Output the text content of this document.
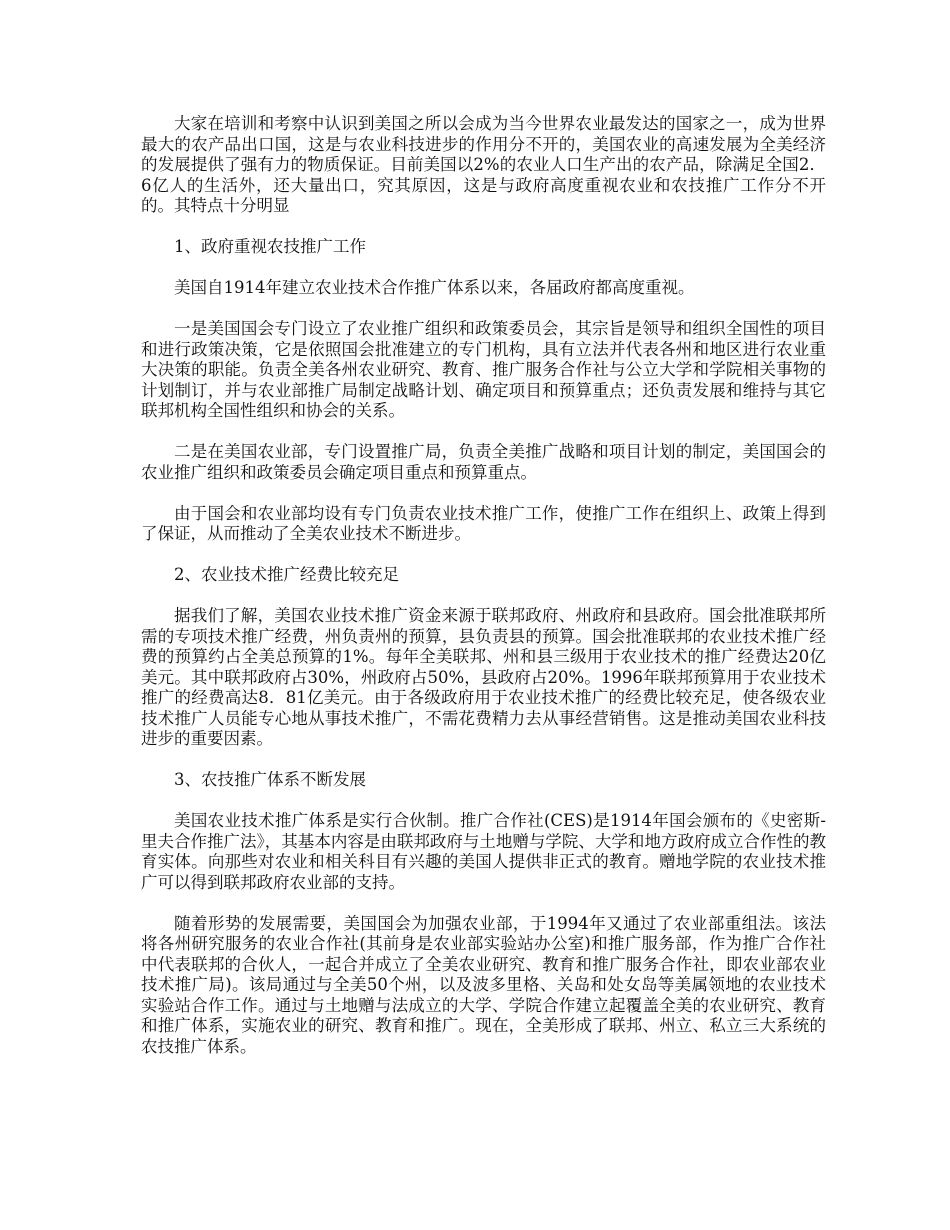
大家在培训和考察中认识到美国之所以会成为当今世界农业最发达的国家之一，成为世界最大的农产品出口国，这是与农业科技进步的作用分不开的，美国农业的高速发展为全美经济的发展提供了强有力的物质保证。目前美国以2%的农业人口生产出的农产品，除满足全国2．6亿人的生活外，还大量出口，究其原因，这是与政府高度重视农业和农技推广工作分不开的。其特点十分明显

1、政府重视农技推广工作

美国自1914年建立农业技术合作推广体系以来，各届政府都高度重视。

一是美国国会专门设立了农业推广组织和政策委员会，其宗旨是领导和组织全国性的项目和进行政策决策，它是依照国会批准建立的专门机构，具有立法并代表各州和地区进行农业重大决策的职能。负责全美各州农业研究、教育、推广服务合作社与公立大学和学院相关事物的计划制订，并与农业部推广局制定战略计划、确定项目和预算重点；还负责发展和维持与其它联邦机构全国性组织和协会的关系。

二是在美国农业部，专门设置推广局，负责全美推广战略和项目计划的制定，美国国会的农业推广组织和政策委员会确定项目重点和预算重点。

由于国会和农业部均设有专门负责农业技术推广工作，使推广工作在组织上、政策上得到了保证，从而推动了全美农业技术不断进步。

2、农业技术推广经费比较充足

据我们了解，美国农业技术推广资金来源于联邦政府、州政府和县政府。国会批准联邦所需的专项技术推广经费，州负责州的预算，县负责县的预算。国会批准联邦的农业技术推广经费的预算约占全美总预算的1%。每年全美联邦、州和县三级用于农业技术的推广经费达20亿美元。其中联邦政府占30%，州政府占50%，县政府占20%。1996年联邦预算用于农业技术推广的经费高达8．81亿美元。由于各级政府用于农业技术推广的经费比较充足，使各级农业技术推广人员能专心地从事技术推广，不需花费精力去从事经营销售。这是推动美国农业科技进步的重要因素。

3、农技推广体系不断发展

美国农业技术推广体系是实行合伙制。推广合作社(CES)是1914年国会颁布的《史密斯-里夫合作推广法》，其基本内容是由联邦政府与土地赠与学院、大学和地方政府成立合作性的教育实体。向那些对农业和相关科目有兴趣的美国人提供非正式的教育。赠地学院的农业技术推广可以得到联邦政府农业部的支持。

随着形势的发展需要，美国国会为加强农业部，于1994年又通过了农业部重组法。该法将各州研究服务的农业合作社(其前身是农业部实验站办公室)和推广服务部，作为推广合作社中代表联邦的合伙人，一起合并成立了全美农业研究、教育和推广服务合作社，即农业部农业技术推广局)。该局通过与全美50个州，以及波多里格、关岛和处女岛等美属领地的农业技术实验站合作工作。通过与土地赠与法成立的大学、学院合作建立起覆盖全美的农业研究、教育和推广体系，实施农业的研究、教育和推广。现在，全美形成了联邦、州立、私立三大系统的农技推广体系。
